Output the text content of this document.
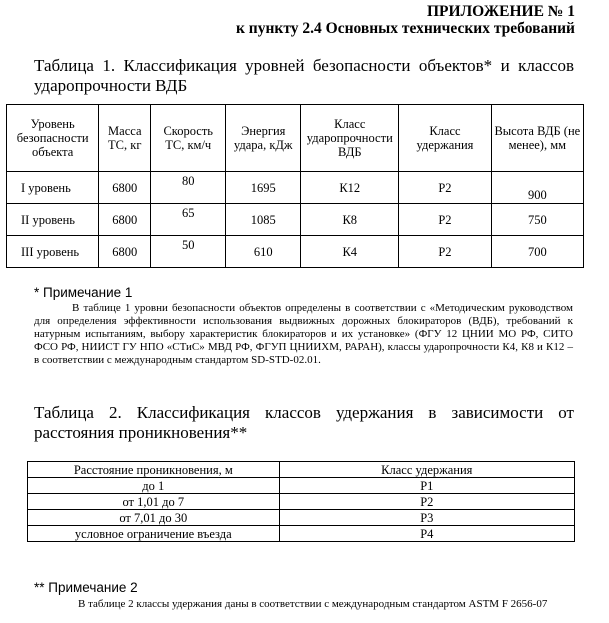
ПРИЛОЖЕНИЕ № 1
к пункту 2.4 Основных технических требований
Таблица 1. Классификация уровней безопасности объектов* и классов ударопрочности ВДБ
Уровень безопасности объекта	Масса ТС, кг	Скорость ТС, км/ч	Энергия удара, кДж	Класс ударопрочности ВДБ	Класс удержания	Высота ВДБ (не менее), мм
I уровень	6800	80	1695	К12	Р2	900
II уровень	6800	65	1085	К8	Р2	750
III уровень	6800	50	610	К4	Р2	700
* Примечание 1
В таблице 1 уровни безопасности объектов определены в соответствии с «Методическим руководством для определения эффективности использования выдвижных дорожных блокираторов (ВДБ), требований к натурным испытаниям, выбору характеристик блокираторов и их установке» (ФГУ 12 ЦНИИ МО РФ, СИТО ФСО РФ, НИИСТ ГУ НПО «СТиС» МВД РФ, ФГУП ЦНИИХМ, РАРАН), классы ударопрочности К4, К8 и К12 – в соответствии с международным стандартом SD-STD-02.01.
Таблица 2. Классификация классов удержания в зависимости от расстояния проникновения**
Расстояние проникновения, м	Класс удержания
до 1	Р1
от 1,01 до 7	Р2
от 7,01 до 30	Р3
условное ограничение въезда	Р4
** Примечание 2
В таблице 2 классы удержания даны в соответствии с международным стандартом ASTM F 2656-07
